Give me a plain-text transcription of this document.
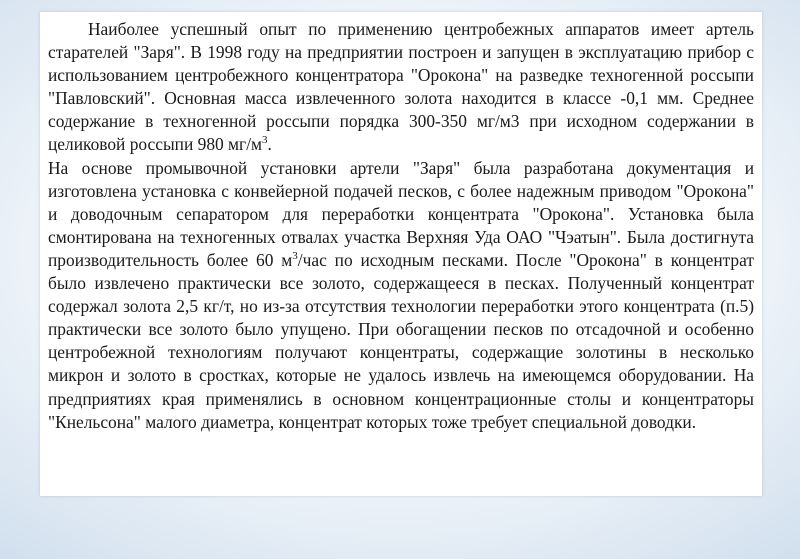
Наиболее успешный опыт по применению центробежных аппаратов имеет артель старателей "Заря". В 1998 году на предприятии построен и запущен в эксплуатацию прибор с использованием центробежного концентратора "Орокона" на разведке техногенной россыпи "Павловский". Основная масса извлеченного золота находится в классе -0,1 мм. Среднее содержание в техногенной россыпи порядка 300-350 мг/м3 при исходном содержании в целиковой россыпи 980 $мг/м^3$.

На основе промывочной установки артели "Заря" была разработана документация и изготовлена установка с конвейерной подачей песков, с более надежным приводом "Орокона" и доводочным сепаратором для переработки концентрата "Орокона". Установка была смонтирована на техногенных отвалах участка Верхняя Уда ОАО "Чэатын". Была достигнута производительность более 60 $м^3$/час по исходным песками. После "Орокона" в концентрат было извлечено практически все золото, содержащееся в песках. Полученный концентрат содержал золота 2,5 кг/т, но из-за отсутствия технологии переработки этого концентрата (п.5) практически все золото было упущено. При обогащении песков по отсадочной и особенно центробежной технологиям получают концентраты, содержащие золотины в несколько микрон и золото в сростках, которые не удалось извлечь на имеющемся оборудовании. На предприятиях края применялись в основном концентрационные столы и концентраторы "Кнельсона" малого диаметра, концентрат которых тоже требует специальной доводки.
